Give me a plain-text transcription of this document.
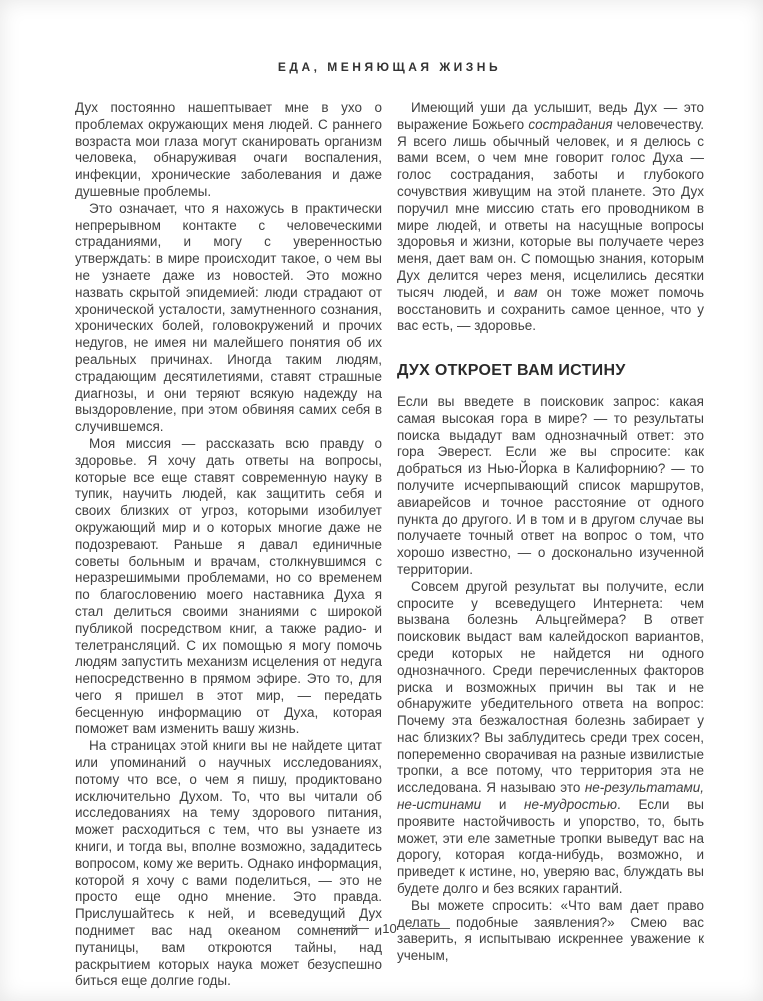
ЕДА, МЕНЯЮЩАЯ ЖИЗНЬ

Дух постоянно нашептывает мне в ухо о проблемах окружающих меня людей. С раннего возраста мои глаза могут сканировать организм человека, обнаруживая очаги воспаления, инфекции, хронические заболевания и даже душевные проблемы.

Это означает, что я нахожусь в практически непрерывном контакте с человеческими страданиями, и могу с уверенностью утверждать: в мире происходит такое, о чем вы не узнаете даже из новостей. Это можно назвать скрытой эпидемией: люди страдают от хронической усталости, замутненного сознания, хронических болей, головокружений и прочих недугов, не имея ни малейшего понятия об их реальных причинах. Иногда таким людям, страдающим десятилетиями, ставят страшные диагнозы, и они теряют всякую надежду на выздоровление, при этом обвиняя самих себя в случившемся.

Моя миссия — рассказать всю правду о здоровье. Я хочу дать ответы на вопросы, которые все еще ставят современную науку в тупик, научить людей, как защитить себя и своих близких от угроз, которыми изобилует окружающий мир и о которых многие даже не подозревают. Раньше я давал единичные советы больным и врачам, столкнувшимся с неразрешимыми проблемами, но со временем по благословению моего наставника Духа я стал делиться своими знаниями с широкой публикой посредством книг, а также радио- и телетрансляций. С их помощью я могу помочь людям запустить механизм исцеления от недуга непосредственно в прямом эфире. Это то, для чего я пришел в этот мир, — передать бесценную информацию от Духа, которая поможет вам изменить вашу жизнь.

На страницах этой книги вы не найдете цитат или упоминаний о научных исследованиях, потому что все, о чем я пишу, продиктовано исключительно Духом. То, что вы читали об исследованиях на тему здорового питания, может расходиться с тем, что вы узнаете из книги, и тогда вы, вполне возможно, зададитесь вопросом, кому же верить. Однако информация, которой я хочу с вами поделиться, — это не просто еще одно мнение. Это правда. Прислушайтесь к ней, и всеведущий Дух поднимет вас над океаном сомнений и путаницы, вам откроются тайны, над раскрытием которых наука может безуспешно биться еще долгие годы.

Имеющий уши да услышит, ведь Дух — это выражение Божьего сострадания человечеству. Я всего лишь обычный человек, и я делюсь с вами всем, о чем мне говорит голос Духа — голос сострадания, заботы и глубокого сочувствия живущим на этой планете. Это Дух поручил мне миссию стать его проводником в мире людей, и ответы на насущные вопросы здоровья и жизни, которые вы получаете через меня, дает вам он. С помощью знания, которым Дух делится через меня, исцелились десятки тысяч людей, и вам он тоже может помочь восстановить и сохранить самое ценное, что у вас есть, — здоровье.

ДУХ ОТКРОЕТ ВАМ ИСТИНУ

Если вы введете в поисковик запрос: какая самая высокая гора в мире? — то результаты поиска выдадут вам однозначный ответ: это гора Эверест. Если же вы спросите: как добраться из Нью-Йорка в Калифорнию? — то получите исчерпывающий список маршрутов, авиарейсов и точное расстояние от одного пункта до другого. И в том и в другом случае вы получаете точный ответ на вопрос о том, что хорошо известно, — о досконально изученной территории.

Совсем другой результат вы получите, если спросите у всеведущего Интернета: чем вызвана болезнь Альцгеймера? В ответ поисковик выдаст вам калейдоскоп вариантов, среди которых не найдется ни одного однозначного. Среди перечисленных факторов риска и возможных причин вы так и не обнаружите убедительного ответа на вопрос: Почему эта безжалостная болезнь забирает у нас близких? Вы заблудитесь среди трех сосен, попеременно сворачивая на разные извилистые тропки, а все потому, что территория эта не исследована. Я называю это не-результатами, не-истинами и не-мудростью. Если вы проявите настойчивость и упорство, то, быть может, эти еле заметные тропки выведут вас на дорогу, которая когда-нибудь, возможно, и приведет к истине, но, уверяю вас, блуждать вы будете долго и без всяких гарантий.

Вы можете спросить: «Что вам дает право делать подобные заявления?» Смею вас заверить, я испытываю искреннее уважение к ученым,

10
